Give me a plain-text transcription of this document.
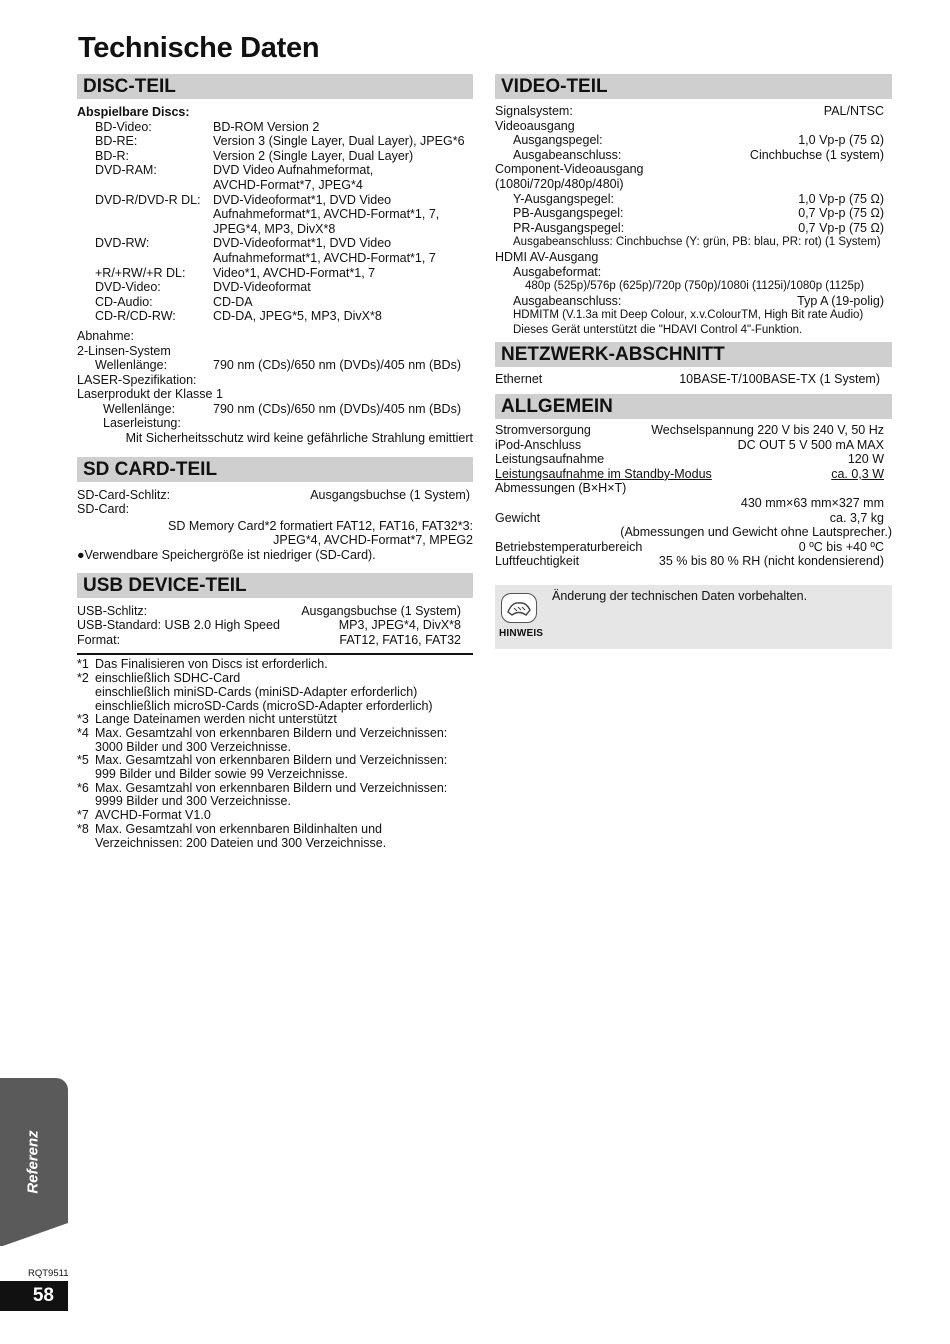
Technische Daten
DISC-TEIL
Abspielbare Discs:
BD-Video:	BD-ROM Version 2
BD-RE:	Version 3 (Single Layer, Dual Layer), JPEG*6
BD-R:	Version 2 (Single Layer, Dual Layer)
DVD-RAM:	DVD Video Aufnahmeformat,
AVCHD-Format*7, JPEG*4
DVD-R/DVD-R DL: DVD-Videoformat*1, DVD Video
Aufnahmeformat*1, AVCHD-Format*1, 7,
JPEG*4, MP3, DivX*8
DVD-RW:	DVD-Videoformat*1, DVD Video
Aufnahmeformat*1, AVCHD-Format*1, 7
+R/+RW/+R DL:	Video*1, AVCHD-Format*1, 7
DVD-Video:	DVD-Videoformat
CD-Audio:	CD-DA
CD-R/CD-RW:	CD-DA, JPEG*5, MP3, DivX*8
Abnahme:
2-Linsen-System
Wellenlänge:	790 nm (CDs)/650 nm (DVDs)/405 nm (BDs)
LASER-Spezifikation:
Laserprodukt der Klasse 1
Wellenlänge:	790 nm (CDs)/650 nm (DVDs)/405 nm (BDs)
Laserleistung:
Mit Sicherheitsschutz wird keine gefährliche Strahlung emittiert
SD CARD-TEIL
SD-Card-Schlitz:	Ausgangsbuchse (1 System)
SD-Card:
SD Memory Card*2 formatiert FAT12, FAT16, FAT32*3:
JPEG*4, AVCHD-Format*7, MPEG2
●Verwendbare Speichergröße ist niedriger (SD-Card).
USB DEVICE-TEIL
USB-Schlitz:	Ausgangsbuchse (1 System)
USB-Standard: USB 2.0 High Speed	MP3, JPEG*4, DivX*8
Format:	FAT12, FAT16, FAT32
*1 Das Finalisieren von Discs ist erforderlich.
*2 einschließlich SDHC-Card
einschließlich miniSD-Cards (miniSD-Adapter erforderlich)
einschließlich microSD-Cards (microSD-Adapter erforderlich)
*3 Lange Dateinamen werden nicht unterstützt
*4 Max. Gesamtzahl von erkennbaren Bildern und Verzeichnissen:
3000 Bilder und 300 Verzeichnisse.
*5 Max. Gesamtzahl von erkennbaren Bildern und Verzeichnissen:
999 Bilder und Bilder sowie 99 Verzeichnisse.
*6 Max. Gesamtzahl von erkennbaren Bildern und Verzeichnissen:
9999 Bilder und 300 Verzeichnisse.
*7 AVCHD-Format V1.0
*8 Max. Gesamtzahl von erkennbaren Bildinhalten und
Verzeichnissen: 200 Dateien und 300 Verzeichnisse.
VIDEO-TEIL
Signalsystem:	PAL/NTSC
Videoausgang
Ausgangspegel:	1,0 Vp-p (75 Ω)
Ausgabeanschluss:	Cinchbuchse (1 system)
Component-Videoausgang
(1080i/720p/480p/480i)
Y-Ausgangspegel:	1,0 Vp-p (75 Ω)
PB-Ausgangspegel:	0,7 Vp-p (75 Ω)
PR-Ausgangspegel:	0,7 Vp-p (75 Ω)
Ausgabeanschluss: Cinchbuchse (Y: grün, PB: blau, PR: rot) (1 System)
HDMI AV-Ausgang
Ausgabeformat:
480p (525p)/576p (625p)/720p (750p)/1080i (1125i)/1080p (1125p)
Ausgabeanschluss:	Typ A (19-polig)
HDMITM (V.1.3a mit Deep Colour, x.v.ColourTM, High Bit rate Audio)
Dieses Gerät unterstützt die "HDAVI Control 4"-Funktion.
NETZWERK-ABSCHNITT
Ethernet	10BASE-T/100BASE-TX (1 System)
ALLGEMEIN
Stromversorgung	Wechselspannung 220 V bis 240 V, 50 Hz
iPod-Anschluss	DC OUT 5 V 500 mA MAX
Leistungsaufnahme	120 W
Leistungsaufnahme im Standby-Modus	ca. 0,3 W
Abmessungen (B×H×T)
430 mm×63 mm×327 mm
Gewicht	ca. 3,7 kg
(Abmessungen und Gewicht ohne Lautsprecher.)
Betriebstemperaturbereich	0 ºC bis +40 ºC
Luftfeuchtigkeit	35 % bis 80 % RH (nicht kondensierend)
HINWEIS
Änderung der technischen Daten vorbehalten.
Referenz
RQT9511
58
